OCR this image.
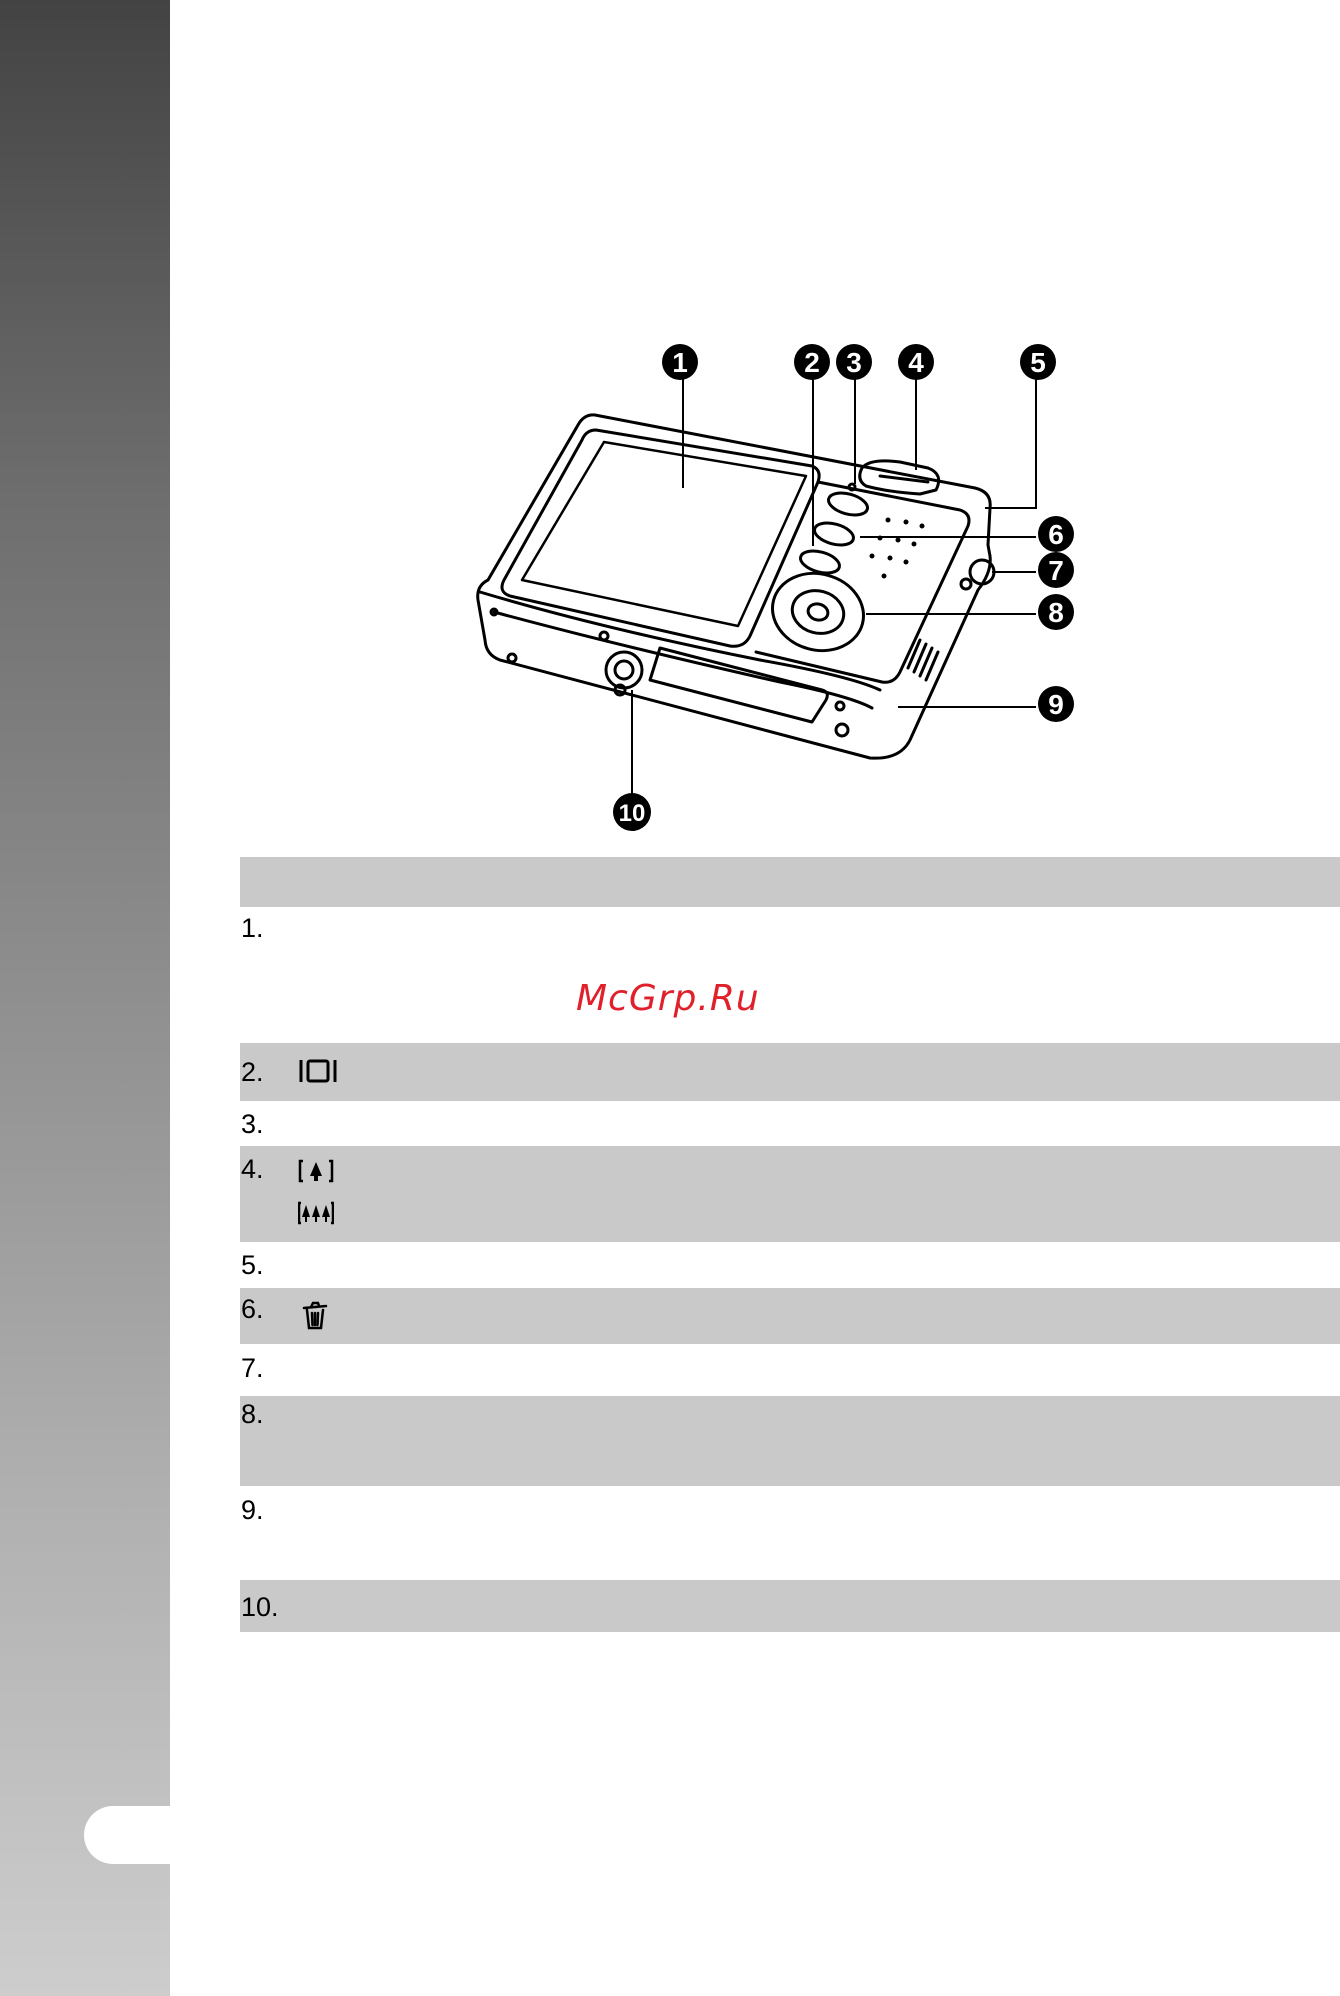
1	2 3 4	5
6
7
8
9
10
McGrp.Ru
1.
2.
3.
4.
5.
6.
7.
8.
9.
10.
